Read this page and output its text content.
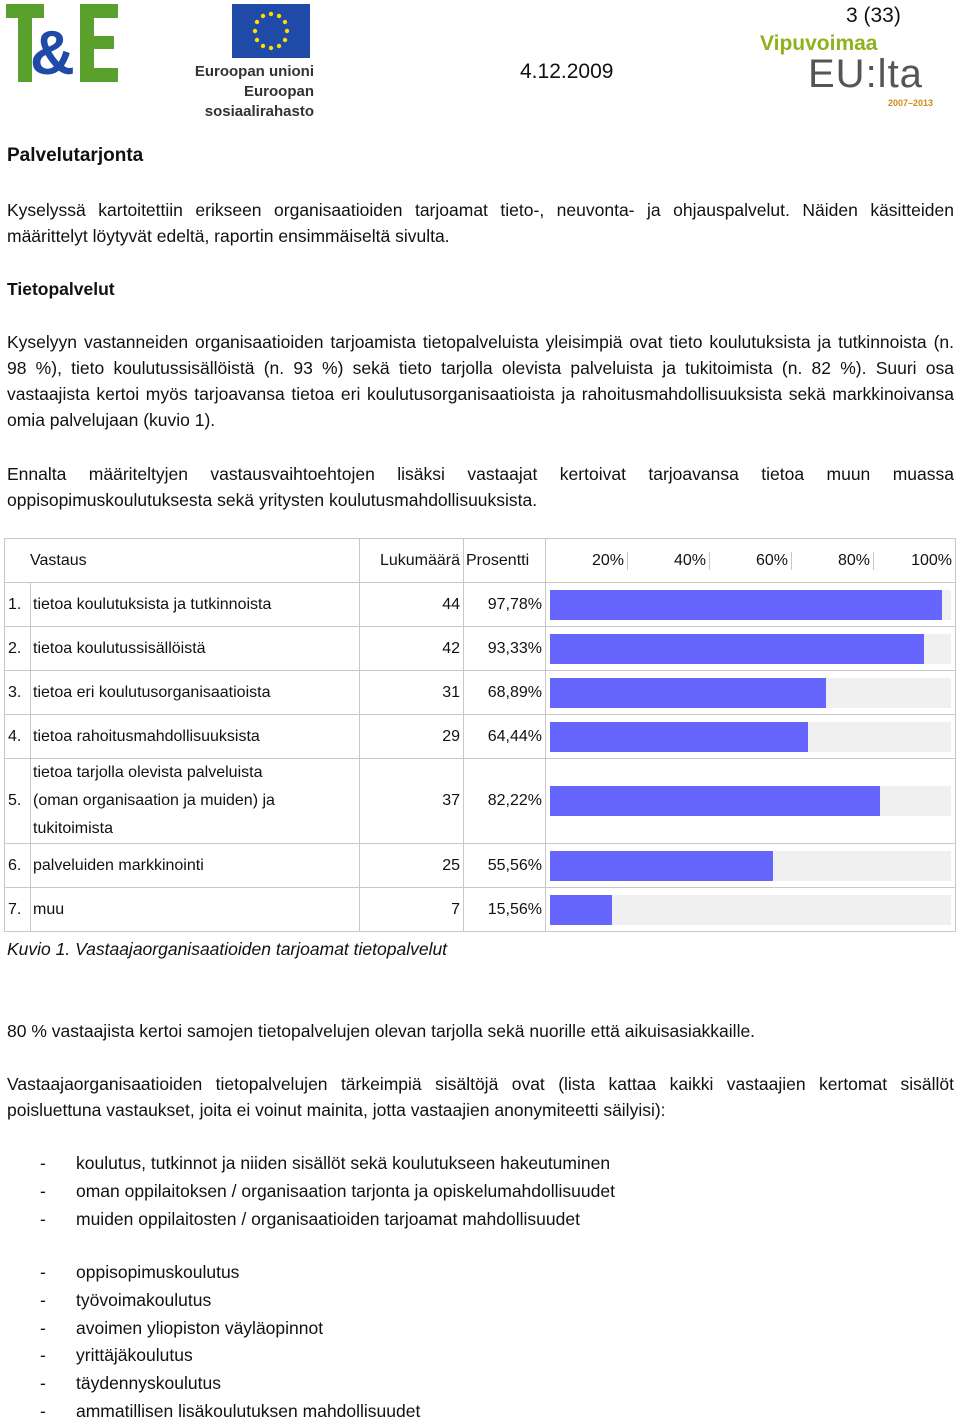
&	Euroopan unioni
Euroopan sosiaalirahasto
3 (33)
4.12.2009
Vipuvoimaa
EU:lta
2007–2013
Palvelutarjonta
Kyselyssä kartoitettiin erikseen organisaatioiden tarjoamat tieto-, neuvonta- ja ohjauspalvelut. Näiden käsitteiden määrittelyt löytyvät edeltä, raportin ensimmäiseltä sivulta.
Tietopalvelut
Kyselyyn vastanneiden organisaatioiden tarjoamista tietopalveluista yleisimpiä ovat tieto koulutuksista ja tutkinnoista (n. 98 %), tieto koulutussisällöistä (n. 93 %) sekä tieto tarjolla olevista palveluista ja tukitoimista (n. 82 %). Suuri osa vastaajista kertoi myös tarjoavansa tietoa eri koulutusorganisaatioista ja rahoitusmahdollisuuksista sekä markkinoivansa omia palvelujaan (kuvio 1).
Ennalta määriteltyjen vastausvaihtoehtojen lisäksi vastaajat kertoivat tarjoavansa tietoa muun muassa oppisopimuskoulutuksesta sekä yritysten koulutusmahdollisuuksista.
Vastaus		Lukumäärä	Prosentti	20% 40% 60% 80% 100%

1.	tietoa koulutuksista ja tutkinnoista	44	97,78%	

2.	tietoa koulutussisällöistä	42	93,33%	

3.	tietoa eri koulutusorganisaatioista	31	68,89%	

4.	tietoa rahoitusmahdollisuuksista	29	64,44%	

5.	tietoa tarjolla olevista palveluista
(oman organisaation ja muiden) ja
tukitoimista	37	82,22%	

6.	palveluiden markkinointi	25	55,56%	

7.	muu	7	15,56%	
Kuvio 1. Vastaajaorganisaatioiden tarjoamat tietopalvelut
80 % vastaajista kertoi samojen tietopalvelujen olevan tarjolla sekä nuorille että aikuisasiakkaille.
Vastaajaorganisaatioiden tietopalvelujen tärkeimpiä sisältöjä ovat (lista kattaa kaikki vastaajien kertomat sisällöt poisluettuna vastaukset, joita ei voinut mainita, jotta vastaajien anonymiteetti säilyisi):
- koulutus, tutkinnot ja niiden sisällöt sekä koulutukseen hakeutuminen
- oman oppilaitoksen / organisaation tarjonta ja opiskelumahdollisuudet
- muiden oppilaitosten / organisaatioiden tarjoamat mahdollisuudet
- oppisopimuskoulutus
- työvoimakoulutus
- avoimen yliopiston väyläopinnot
- yrittäjäkoulutus
- täydennyskoulutus
- ammatillisen lisäkoulutuksen mahdollisuudet
